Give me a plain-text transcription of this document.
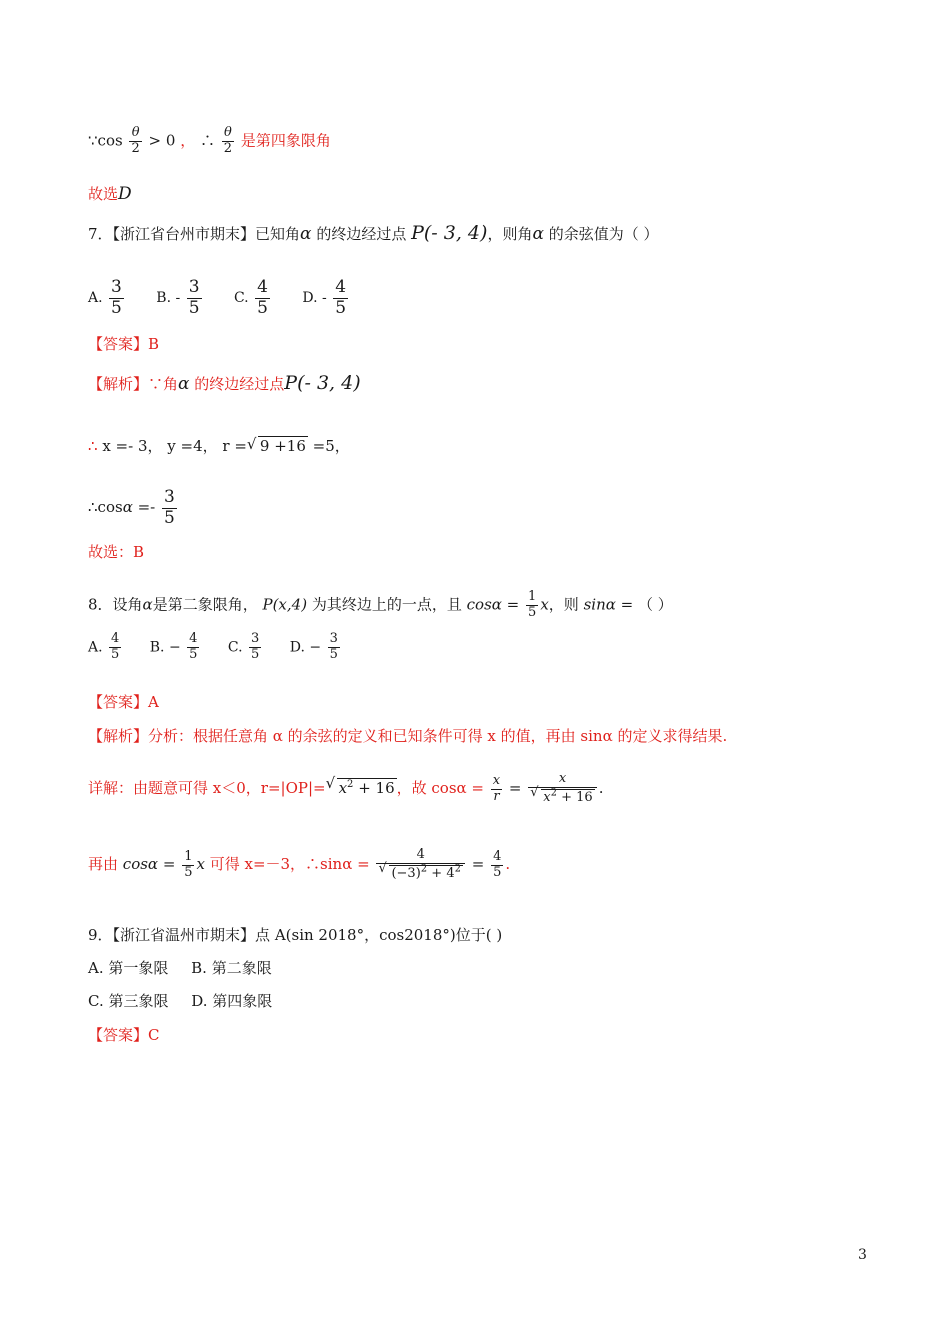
∵cos $\frac{\theta}{2} > 0$ ， ∴ $\frac{\theta}{2}$ 是第四象限角
故选D
7．【浙江省台州市期末】已知角α 的终边经过点 P(- 3, 4)，则角α 的余弦值为（ ）
A. $\frac{3}{5} B$. - $\frac{3}{5} C$. $\frac{4}{5} D$. - $\frac{4}{5}$
【答案】B
【解析】∵角α 的终边经过点P(- 3, 4)
∴ x =- 3， y =4， r = √ 9 +16 =5，
∴cosα =- $\frac{3}{5}$
故选：B
8．设角α是第二象限角， P(x,4) 为其终边上的一点，且 $\cos\alpha = \frac{1}{5}$ x，则 sinα = （ ）
A. $\frac{4}{5} B$. − $\frac{4}{5} C$. $\frac{3}{5} D$. − $\frac{3}{5}$
【答案】A
【解析】分析：根据任意角 α 的余弦的定义和已知条件可得 x 的值，再由 sinα 的定义求得结果.
详解：由题意可得 x＜0，r=|OP|= √ $x^2 + 16$ ，故 $\cos\alpha = \frac{x}{r} = x$
√ $x^2 + 16$ .
再由 $\cos\alpha = \frac{1}{5}$ x 可得 x=－3，∴sinα = 4
√ $(-3)^2 + 4^2 = \frac{4}{5}$ .
9．【浙江省温州市期末】点 A(sin 2018°，cos2018°)位于( )
A. 第一象限 B. 第二象限
C. 第三象限 D. 第四象限
【答案】C
3
